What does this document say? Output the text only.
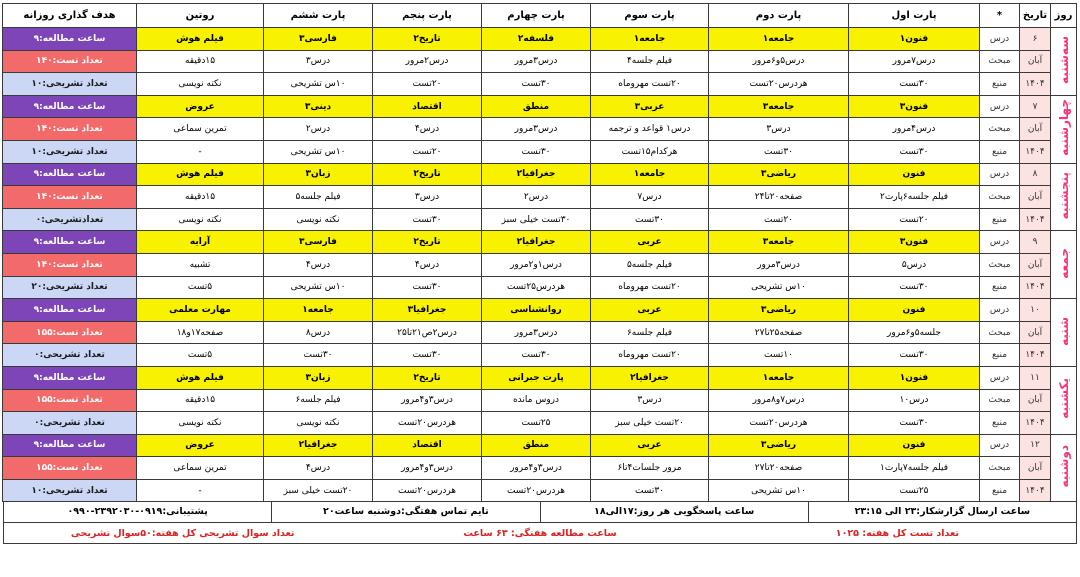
روز	تاریخ	*	پارت اول	پارت دوم	پارت سوم	پارت چهارم	پارت پنجم	پارت ششم	روتین	هدف گذاری روزانه
سه‌شنبه	۶	درس	فنون۱	جامعه۱	جامعه۱	فلسفه۲	تاریخ۲	فارسی۳	فیلم هوش	ساعت مطالعه:۹
	آبان	مبحث	درس۷مرور	درس۵و۶مرور	فیلم جلسه۴	درس۳مرور	درس۲مرور	درس۳	۱۵دقیقه	تعداد تست:۱۴۰
	۱۴۰۴	منبع	۳۰تست	هردرس۲۰تست	۲۰تست مهروماه	۳۰تست	۲۰تست	۱۰س تشریحی	نکته نویسی	تعداد تشریحی:۱۰
چهارشنبه	۷	درس	فنون۳	جامعه۳	عربی۳	منطق	اقتصاد	دینی۳	عروض	ساعت مطالعه:۹
	آبان	مبحث	درس۴مرور	درس۳	درس۱ قواعد و ترجمه	درس۳مرور	درس۴	درس۲	تمرین سماعی	تعداد تست:۱۴۰
	۱۴۰۴	منبع	۳۰تست	۳۰تست	هرکدام۱۵تست	۳۰تست	۲۰تست	۱۰س تشریحی	-	تعداد تشریحی:۱۰
پنجشنبه	۸	درس	فنون	ریاضی۳	جامعه۱	جغرافیا۲	تاریخ۲	زبان۳	فیلم هوش	ساعت مطالعه:۹
	آبان	مبحث	فیلم جلسه۶پارت۲	صفحه۲۰تا۲۴	درس۷	درس۲	درس۳	فیلم جلسه۵	۱۵دقیقه	تعداد تست:۱۴۰
	۱۴۰۴	منبع	۲۰تست	۲۰تست	۳۰تست	۳۰تست خیلی سبز	۳۰تست	نکته نویسی	نکته نویسی	تعدادتشریحی:۰
جمعه	۹	درس	فنون۳	جامعه۳	عربی	جغرافیا۲	تاریخ۲	فارسی۳	آرایه	ساعت مطالعه:۹
	آبان	مبحث	درس۵	درس۳مرور	فیلم جلسه۵	درس۱و۲مرور	درس۴	درس۴	تشبیه	تعداد تست:۱۴۰
	۱۴۰۴	منبع	۳۰تست	۱۰س تشریحی	۲۰تست مهروماه	هردرس۲۵تست	۳۰تست	۱۰س تشریحی	۵تست	تعداد تشریحی:۲۰
شنبه	۱۰	درس	فنون	ریاضی۳	عربی	روانشناسی	جغرافیا۳	جامعه۱	مهارت معلمی	ساعت مطالعه:۹
	آبان	مبحث	جلسه۵و۶مرور	صفحه۲۵تا۲۷	فیلم جلسه۶	درس۳مرور	درس۲ص۲۱تا۲۵	درس۸	صفحه۱۷و۱۸	تعداد تست:۱۵۵
	۱۴۰۴	منبع	۳۰تست	۱۰تست	۲۰تست مهروماه	۳۰تست	۳۰تست	۳۰تست	۵تست	تعداد تشریحی:۰
یکشنبه	۱۱	درس	فنون۱	جامعه۱	جغرافیا۲	پارت جبرانی	تاریخ۲	زبان۳	فیلم هوش	ساعت مطالعه:۹
	آبان	مبحث	درس۱۰	درس۷و۸مرور	درس۳	دروس مانده	درس۳و۴مرور	فیلم جلسه۶	۱۵دقیقه	تعداد تست:۱۵۵
	۱۴۰۴	منبع	۳۰تست	هردرس۲۰تست	۲۰تست خیلی سبز	۲۵تست	هردرس۲۰تست	نکته نویسی	نکته نویسی	تعداد تشریحی:۰
دوشنبه	۱۲	درس	فنون	ریاضی۳	عربی	منطق	اقتصاد	جغرافیا۲	عروض	ساعت مطالعه:۹
	آبان	مبحث	فیلم جلسه۷پارت۱	صفحه۲۰تا۲۷	مرور جلسات۴تا۶	درس۳و۴مرور	درس۳و۴مرور	درس۴	تمرین سماعی	تعداد تست:۱۵۵
	۱۴۰۴	منبع	۲۵تست	۱۰س تشریحی	۳۰تست	هردرس۲۰تست	هردرس۲۰تست	۲۰تست خیلی سبز	-	تعداد تشریحی:۱۰
ساعت ارسال گزارشکار:۲۳ الی ۲۳:۱۵
ساعت پاسخگویی هر روز:۱۷الی۱۸
تایم تماس هفتگی:دوشنبه ساعت۲۰
پشتیبانی:۰۹۱۹-۲۳۹۲۰۳۰-۰۹۹۰
تعداد تست کل هفته: ۱۰۲۵
ساعت مطالعه هفتگی: ۶۳ ساعت
تعداد سوال تشریحی کل هفته:۵۰سوال تشریحی
